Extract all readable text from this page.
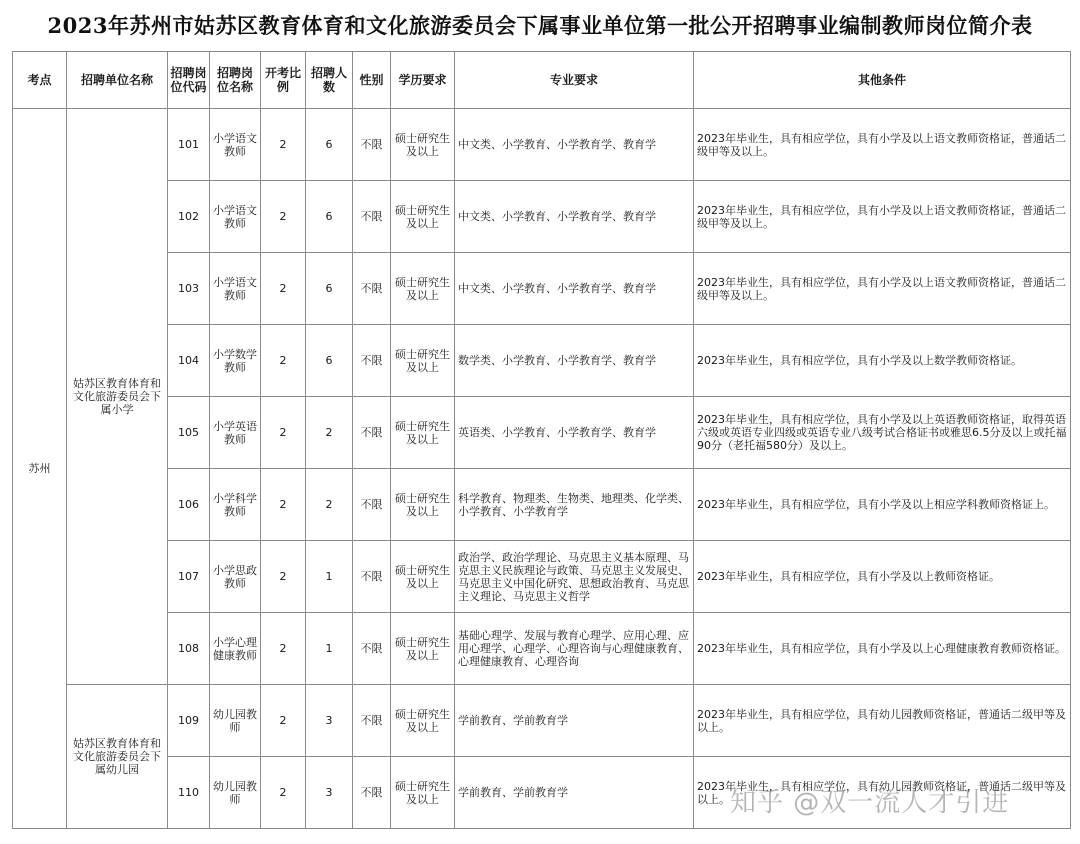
2023年苏州市姑苏区教育体育和文化旅游委员会下属事业单位第一批公开招聘事业编制教师岗位简介表
考点	招聘单位名称	招聘岗位代码	招聘岗位名称	开考比例	招聘人数	性别	学历要求	专业要求	其他条件
苏州	姑苏区教育体育和文化旅游委员会下属小学	101	小学语文教师	2	6	不限	硕士研究生及以上	中文类、小学教育、小学教育学、教育学	2023年毕业生，具有相应学位，具有小学及以上语文教师资格证，普通话二级甲等及以上。
		102	小学语文教师	2	6	不限	硕士研究生及以上	中文类、小学教育、小学教育学、教育学	2023年毕业生，具有相应学位，具有小学及以上语文教师资格证，普通话二级甲等及以上。
		103	小学语文教师	2	6	不限	硕士研究生及以上	中文类、小学教育、小学教育学、教育学	2023年毕业生，具有相应学位，具有小学及以上语文教师资格证，普通话二级甲等及以上。
		104	小学数学教师	2	6	不限	硕士研究生及以上	数学类、小学教育、小学教育学、教育学	2023年毕业生，具有相应学位，具有小学及以上数学教师资格证。
		105	小学英语教师	2	2	不限	硕士研究生及以上	英语类、小学教育、小学教育学、教育学	2023年毕业生，具有相应学位，具有小学及以上英语教师资格证，取得英语六级或英语专业四级或英语专业八级考试合格证书或雅思6.5分及以上或托福90分（老托福580分）及以上。
		106	小学科学教师	2	2	不限	硕士研究生及以上	科学教育、物理类、生物类、地理类、化学类、小学教育、小学教育学	2023年毕业生，具有相应学位，具有小学及以上相应学科教师资格证上。
		107	小学思政教师	2	1	不限	硕士研究生及以上	政治学、政治学理论、马克思主义基本原理、马克思主义民族理论与政策、马克思主义发展史、马克思主义中国化研究、思想政治教育、马克思主义理论、马克思主义哲学	2023年毕业生，具有相应学位，具有小学及以上教师资格证。
		108	小学心理健康教师	2	1	不限	硕士研究生及以上	基础心理学、发展与教育心理学、应用心理、应用心理学、心理学、心理咨询与心理健康教育、心理健康教育、心理咨询	2023年毕业生，具有相应学位，具有小学及以上心理健康教育教师资格证。
	姑苏区教育体育和文化旅游委员会下属幼儿园	109	幼儿园教师	2	3	不限	硕士研究生及以上	学前教育、学前教育学	2023年毕业生，具有相应学位，具有幼儿园教师资格证，普通话二级甲等及以上。
		110	幼儿园教师	2	3	不限	硕士研究生及以上	学前教育、学前教育学	2023年毕业生，具有相应学位，具有幼儿园教师资格证，普通话二级甲等及以上。 知乎 @双一流人才引进
